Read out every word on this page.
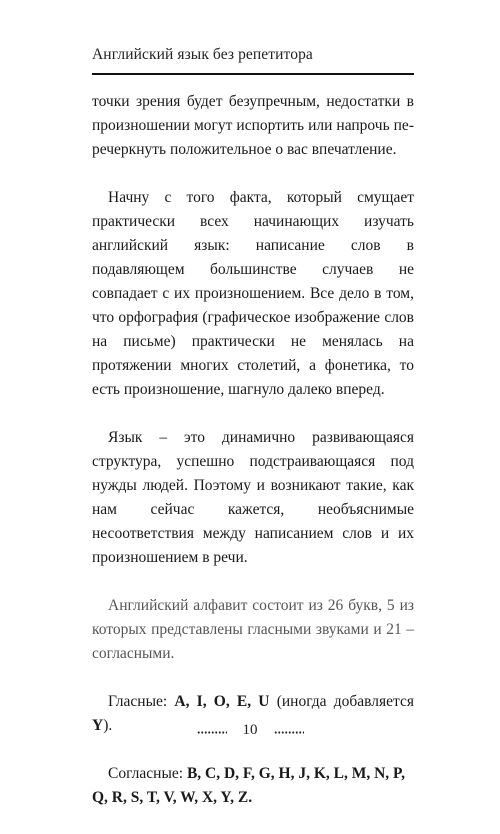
Английский язык без репетитора

точки зрения будет безупречным, недостатки в произношении могут испортить или напрочь перечеркнуть положительное о вас впечатление.

Начну с того факта, который смущает практически всех начинающих изучать английский язык: написание слов в подавляющем большинстве случаев не совпадает с их произношением. Все дело в том, что орфография (графическое изображение слов на письме) практически не менялась на протяжении многих столетий, а фонетика, то есть произношение, шагнуло далеко вперед.

Язык – это динамично развивающаяся структура, успешно подстраивающаяся под нужды людей. Поэтому и возникают такие, как нам сейчас кажется, необъяснимые несоответствия между написанием слов и их произношением в речи.

Английский алфавит состоит из 26 букв, 5 из которых представлены гласными звуками и 21 – согласными.

Гласные: A, I, O, E, U (иногда добавляется Y).

Согласные: B, C, D, F, G, H, J, K, L, M, N, P, Q, R, S, T, V, W, X, Y, Z.

10
